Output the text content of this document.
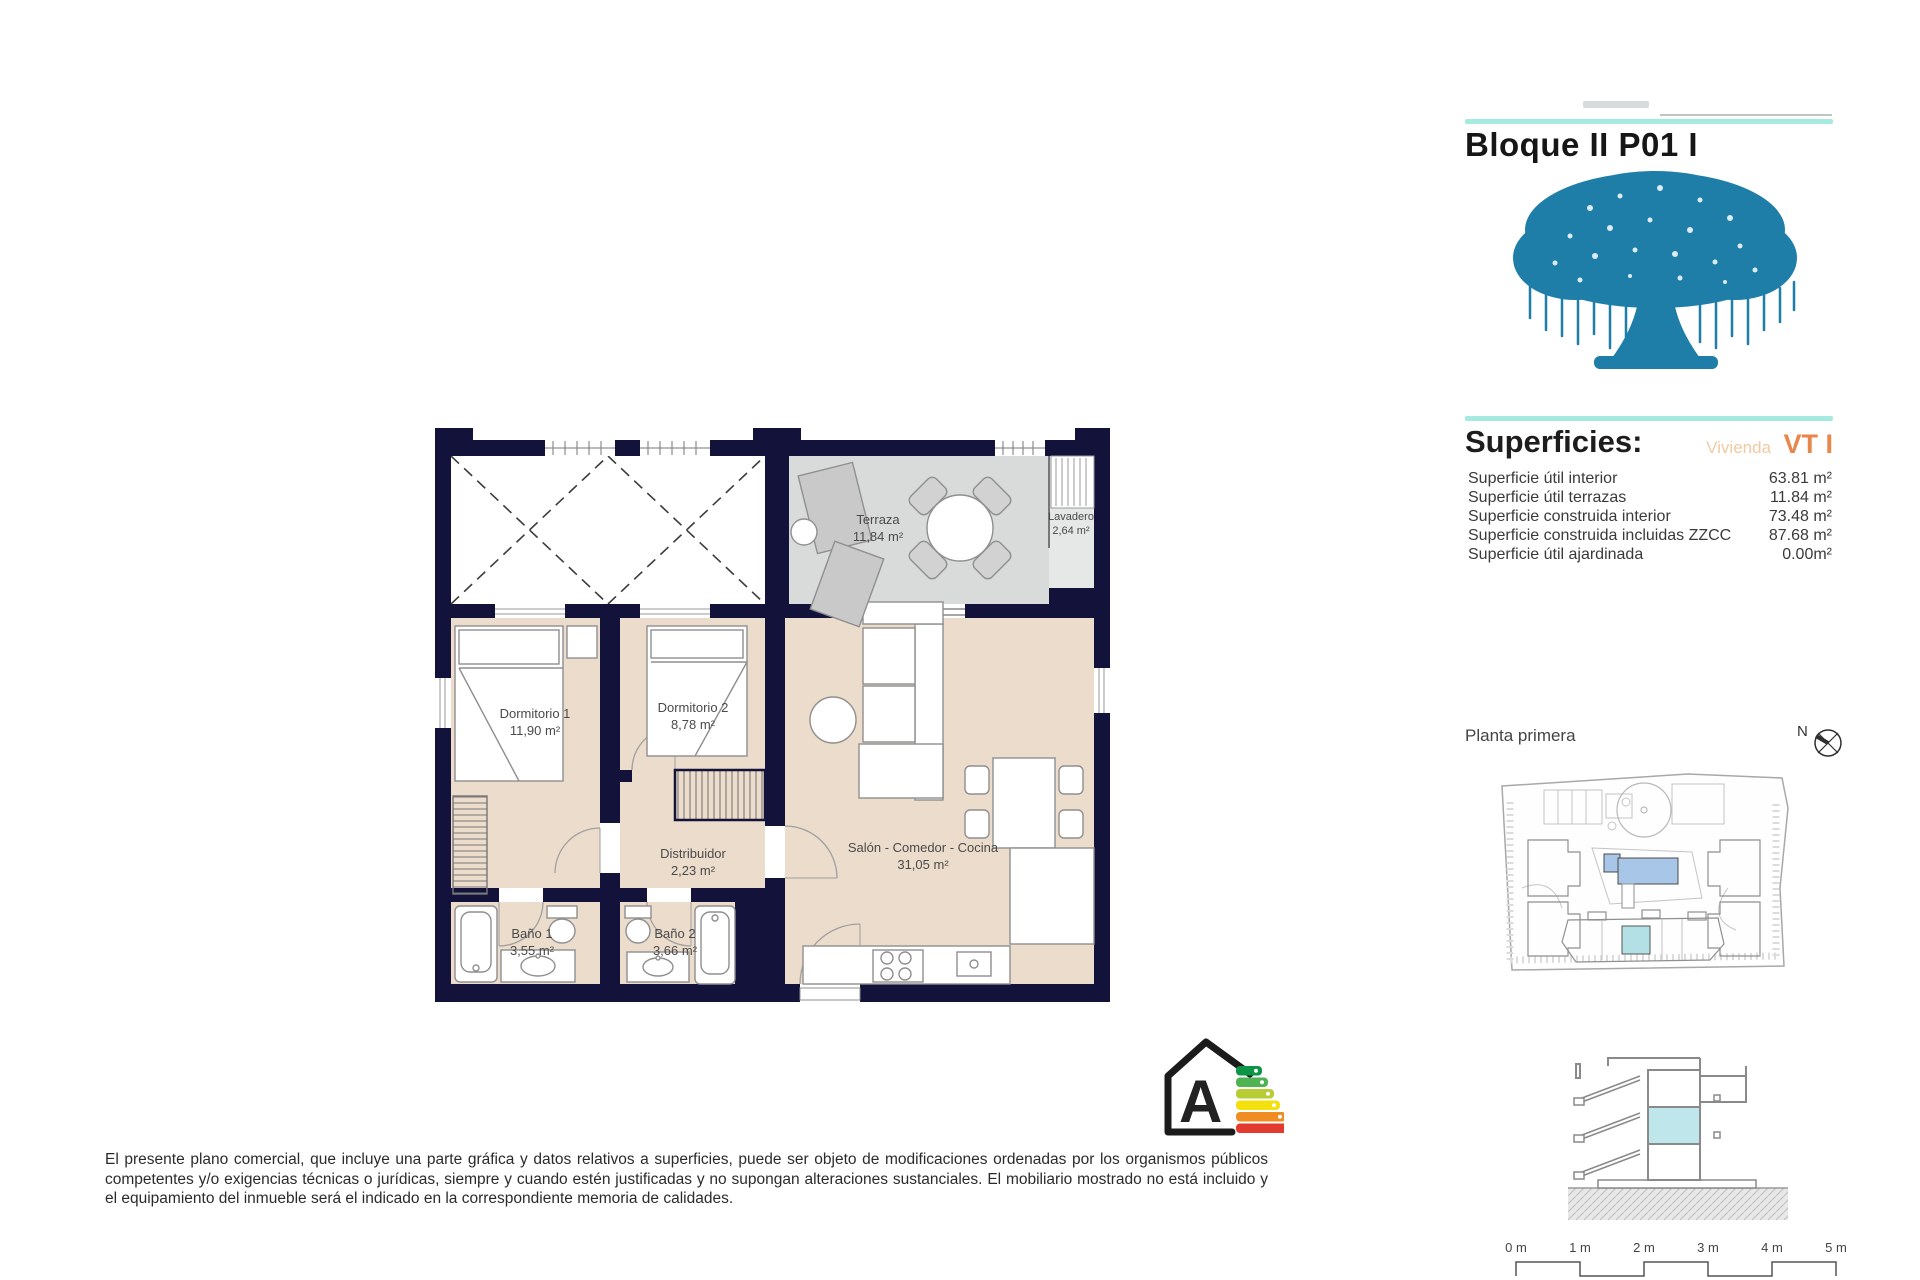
Bloque II P01 I
Superficies:	Vivienda VT I
Superficie útil interior	63.81 m²
Superficie útil terrazas	11.84 m²
Superficie construida interior	73.48 m²
Superficie construida incluidas ZZCC 87.68 m²
Superficie útil ajardinada	0.00m²
Planta primera	N
0 m	1 m	2 m	3 m	4 m	5 m
A
El presente plano comercial, que incluye una parte gráfica y datos relativos a superficies, puede ser objeto de modificaciones ordenadas por los organismos públicos competentes y/o exigencias técnicas o jurídicas, siempre y cuando estén justificadas y no supongan alteraciones sustanciales. El mobiliario mostrado no está incluido y el equipamiento del inmueble será el indicado en la correspondiente memoria de calidades.
Terraza
11,84 m²
Lavadero
2,64 m²
Dormitorio 1
11,90 m²
Dormitorio 2
8,78 m²
Distribuidor
2,23 m²
Baño 1
3,55 m²
Baño 2
3,66 m²
Salón - Comedor - Cocina
31,05 m²
